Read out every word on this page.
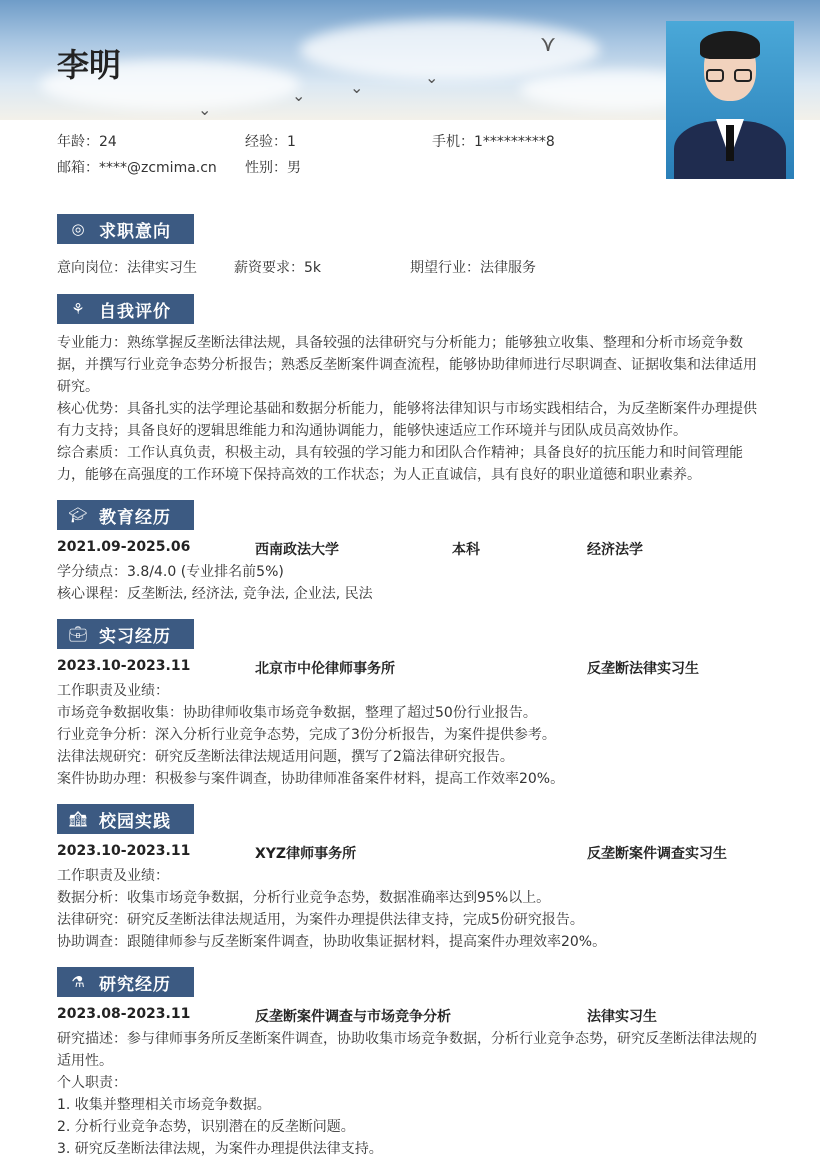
⋎
⌄
⌄
⌄
⌄
李明
年龄：24	经验：1	手机：1*********8
邮箱：****@zcmima.cn 性别：男
◎ 求职意向
意向岗位：法律实习生	薪资要求：5k	期望行业：法律服务
⚘ 自我评价
专业能力：熟练掌握反垄断法律法规，具备较强的法律研究与分析能力；能够独立收集、整理和分析市场竞争数据，并撰写行业竞争态势分析报告；熟悉反垄断案件调查流程，能够协助律师进行尽职调查、证据收集和法律适用研究。
核心优势：具备扎实的法学理论基础和数据分析能力，能够将法律知识与市场实践相结合，为反垄断案件办理提供有力支持；具备良好的逻辑思维能力和沟通协调能力，能够快速适应工作环境并与团队成员高效协作。
综合素质：工作认真负责，积极主动，具有较强的学习能力和团队合作精神；具备良好的抗压能力和时间管理能力，能够在高强度的工作环境下保持高效的工作状态；为人正直诚信，具有良好的职业道德和职业素养。
🎓︎ 教育经历
2021.09-2025.06	西南政法大学	本科	经济法学
学分绩点：3.8/4.0 (专业排名前5%)
核心课程：反垄断法, 经济法, 竞争法, 企业法, 民法
💼︎ 实习经历
2023.10-2023.11	北京市中伦律师事务所	反垄断法律实习生
工作职责及业绩：
市场竞争数据收集：协助律师收集市场竞争数据，整理了超过50份行业报告。
行业竞争分析：深入分析行业竞争态势，完成了3份分析报告，为案件提供参考。
法律法规研究：研究反垄断法律法规适用问题，撰写了2篇法律研究报告。
案件协助办理：积极参与案件调查，协助律师准备案件材料，提高工作效率20%。
🏫︎ 校园实践
2023.10-2023.11	XYZ律师事务所	反垄断案件调查实习生
工作职责及业绩：
数据分析：收集市场竞争数据，分析行业竞争态势，数据准确率达到95%以上。
法律研究：研究反垄断法律法规适用，为案件办理提供法律支持，完成5份研究报告。
协助调查：跟随律师参与反垄断案件调查，协助收集证据材料，提高案件办理效率20%。
⚗ 研究经历
2023.08-2023.11	反垄断案件调查与市场竞争分析	法律实习生
研究描述：参与律师事务所反垄断案件调查，协助收集市场竞争数据，分析行业竞争态势，研究反垄断法律法规的适用性。
个人职责：
1. 收集并整理相关市场竞争数据。
2. 分析行业竞争态势，识别潜在的反垄断问题。
3. 研究反垄断法律法规，为案件办理提供法律支持。
